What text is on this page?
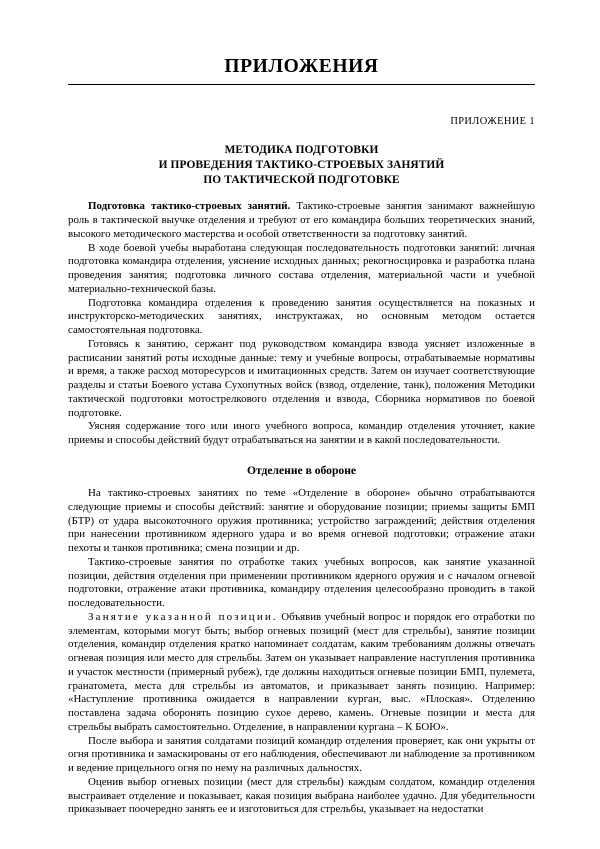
ПРИЛОЖЕНИЯ
ПРИЛОЖЕНИЕ 1
МЕТОДИКА ПОДГОТОВКИ
И ПРОВЕДЕНИЯ ТАКТИКО-СТРОЕВЫХ ЗАНЯТИЙ
ПО ТАКТИЧЕСКОЙ ПОДГОТОВКЕ

Подготовка тактико-строевых занятий. Тактико-строевые занятия занимают важнейшую роль в тактической выучке отделения и требуют от его командира больших теоретических знаний, высокого методического мастерства и особой ответственности за подготовку занятий.

В ходе боевой учебы выработана следующая последовательность подготовки занятий: личная подготовка командира отделения, уяснение исходных данных; рекогносцировка и разработка плана проведения занятия; подготовка личного состава отделения, материальной части и учебной материально-технической базы.

Подготовка командира отделения к проведению занятия осуществляется на показных и инструкторско-методических занятиях, инструктажах, но основным методом остается самостоятельная подготовка.

Готовясь к занятию, сержант под руководством командира взвода уясняет изложенные в расписании занятий роты исходные данные: тему и учебные вопросы, отрабатываемые нормативы и время, а также расход моторесурсов и имитационных средств. Затем он изучает соответствующие разделы и статьи Боевого устава Сухопутных войск (взвод, отделение, танк), положения Методики тактической подготовки мотострелкового отделения и взвода, Сборника нормативов по боевой подготовке.

Уясняя содержание того или иного учебного вопроса, командир отделения уточняет, какие приемы и способы действий будут отрабатываться на занятии и в какой последовательности.

Отделение в обороне

На тактико-строевых занятиях по теме «Отделение в обороне» обычно отрабатываются следующие приемы и способы действий: занятие и оборудование позиции; приемы защиты БМП (БТР) от удара высокоточного оружия противника; устройство заграждений; действия отделения при нанесении противником ядерного удара и во время огневой подготовки; отражение атаки пехоты и танков противника; смена позиции и др.

Тактико-строевые занятия по отработке таких учебных вопросов, как занятие указанной позиции, действия отделения при применении противником ядерного оружия и с началом огневой подготовки, отражение атаки противника, командиру отделения целесообразно проводить в такой последовательности.

Занятие указанной позиции. Объявив учебный вопрос и порядок его отработки по элементам, которыми могут быть; выбор огневых позиций (мест для стрельбы), занятие позиции отделения, командир отделения кратко напоминает солдатам, каким требованиям должны отвечать огневая позиция или место для стрельбы. Затем он указывает направление наступления противника и участок местности (примерный рубеж), где должны находиться огневые позиции БМП, пулемета, гранатомета, места для стрельбы из автоматов, и приказывает занять позицию. Например: «Наступление противника ожидается в направлении курган, выс. «Плоская». Отделению поставлена задача оборонять позицию сухое дерево, камень. Огневые позиции и места для стрельбы выбрать самостоятельно. Отделение, в направлении кургана – К БОЮ».

После выбора и занятия солдатами позиций командир отделения проверяет, как они укрыты от огня противника и замаскированы от его наблюдения, обеспечивают ли наблюдение за противником и ведение прицельного огня по нему на различных дальностях.

Оценив выбор огневых позиции (мест для стрельбы) каждым солдатом, командир отделения выстраивает отделение и показывает, какая позиция выбрана наиболее удачно. Для убедительности приказывает поочередно занять ее и изготовиться для стрельбы, указывает на недостатки
